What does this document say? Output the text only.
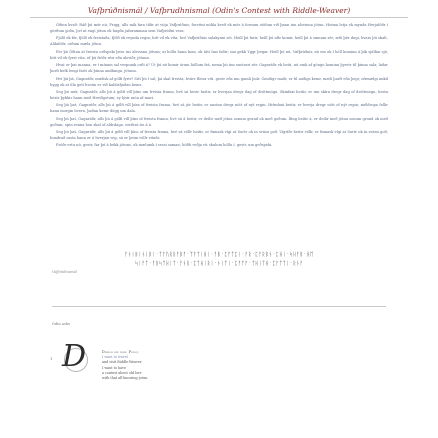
Vafþrúðnismál / Vafþrudhnismal (Odin's Contest with Riddle-Weaver)

Óðinn kvað: Ráð þú mér nú, Frigg, alls mik fara tíðir at vitja Vafþrúðnis; forvitni mikla kveð ek mér á fornum stöfum við þann inn alsvinna jötun. Heima letja ek mynda Herjaföðr í görðum goða, því at engi jötun ek hugða jafnramman sem Vafþrúðni vera.

Fjölð ek fór, fjölð ek freistaða, fjölð ek reynda regin; hitt vil ek vita, hvé Vafþrúðnis salakynni séi. Heill þú farir, heill þú aftr komir, heill þú á sinnum sér; æði þér dugi, hvars þú skalt, Aldaföðr, orðum mæla jötun.

Fór þá Óðinn at freista orðspeki þess ins alsvinna jötuns; at höllu hann kom, ok átti Íms faðir; inn gekk Yggr þegar. Heill þú nú, Vafþrúðnir, nú em ek í höll kominn á þik sjálfan sjá; hitt vil ek fyrst vita, ef þú fróðr séir eða alsviðr, jötunn.

Hvat er þat manna, er í mínum sal verpumk orði á? Út þú né komir órum höllum frá, nema þú inn snotrari sér. Gagnráðr ek heiti, nú emk af göngu kominn þyrstr til þinna sala; laðar þurfi hefk lengi farit ok þinna andfanga, jötunn.

Hví þú þá, Gagnráðr, mælisk af gólfi fyrir? Sitt þú í sal; þá skal freista, hvárr fleira viti, gestr eða inn gamli þulr. Óauðigr maðr, er til auðigs kemr, mæli þarft eða þegi; ofrmælgi mikil hygg ek at illa geti hveim er við kaldrifjaðan kemr.

Seg þú mér, Gagnráðr, alls þú á gólfi vill þíns um freista frama, hvé sá hestr heitir, er hverjan dregr dag of dróttmögu. Skinfaxi heitir, er inn skíra dregr dag of dróttmögu; hesta beztr þykkir hann með Hreiðgotum; ey lýsir mön af mari.

Seg þú þat, Gagnráðr, alls þú á gólfi vill þíns of freista frama, hvé sá jór heitir, er austan dregr nótt of nýt regin. Hrímfaxi heitir, er hverja dregr nótt of nýt regin; méldropa fellir hann morgin hvern, þaðan kemr dögg um dala.

Seg þú þat, Gagnráðr, alls þú á gólfi vill þíns of freista frama, hvé sú á heitir, er deilir með jötna sonum grund ok með goðum. Ífing heitir á, er deilir með jötna sonum grund ok með goðum; opin renna hon skal of aldrdaga, verðrat íss á á.

Seg þú þat, Gagnráðr, alls þú á gólfi vill þíns of freista frama, hvé sá völlr heitir, er finnask vígi at Surtr ok in svásu goð. Vígríðr heitir völlr, er finnask vígi at Surtr ok in svásu goð; hundrað rasta hann er á hverjan veg, sá er þeim völlr vitaðr.

Fróðr ertu nú, gestr, far þú á bekk jötuns, ok mælumk í sessi saman; höfði veðja vit skulum höllu í, gestr, um geðspeki.

ᚨᚾᛁᛒᛁᚾᛁᛒᛁ᛫ᛏᚨᚢᚱᚱᚨᛒᚨ᛫ᛉᚨᛏᛁᚺᛁ᛫ᚨᛒ᛫ᛈᚨᛏᛈᛁ᛫ᚨᚱ᛫ᛈᚨᚱᛒᚾ᛫ᛈᚺᛁ᛫ᛋᚺᚨᛒ᛫ᚺᛖ
ᛋᛁᚨᛏ᛫ᚨᚱᛋᛏᚺᛁᛏ᛫ᚨᚾᚱ᛫ᛈᛏᚺᛁᚱᛁ᛫ᚾᛁᛏᛁ᛫ᛈᚨᛏᚨ᛫ᛏᚺᛁᛏᚺ᛫ᛈᚨᛏᛏᛁ᛫ᚱᚾᚨ
Vafþrúðnismál
Odin asks
1 D	Dovish see now, Frigg;
I want to travel
and visit Riddle-Weaver.
I want to have
a contest about old lore
with that all-knowing jotun.
